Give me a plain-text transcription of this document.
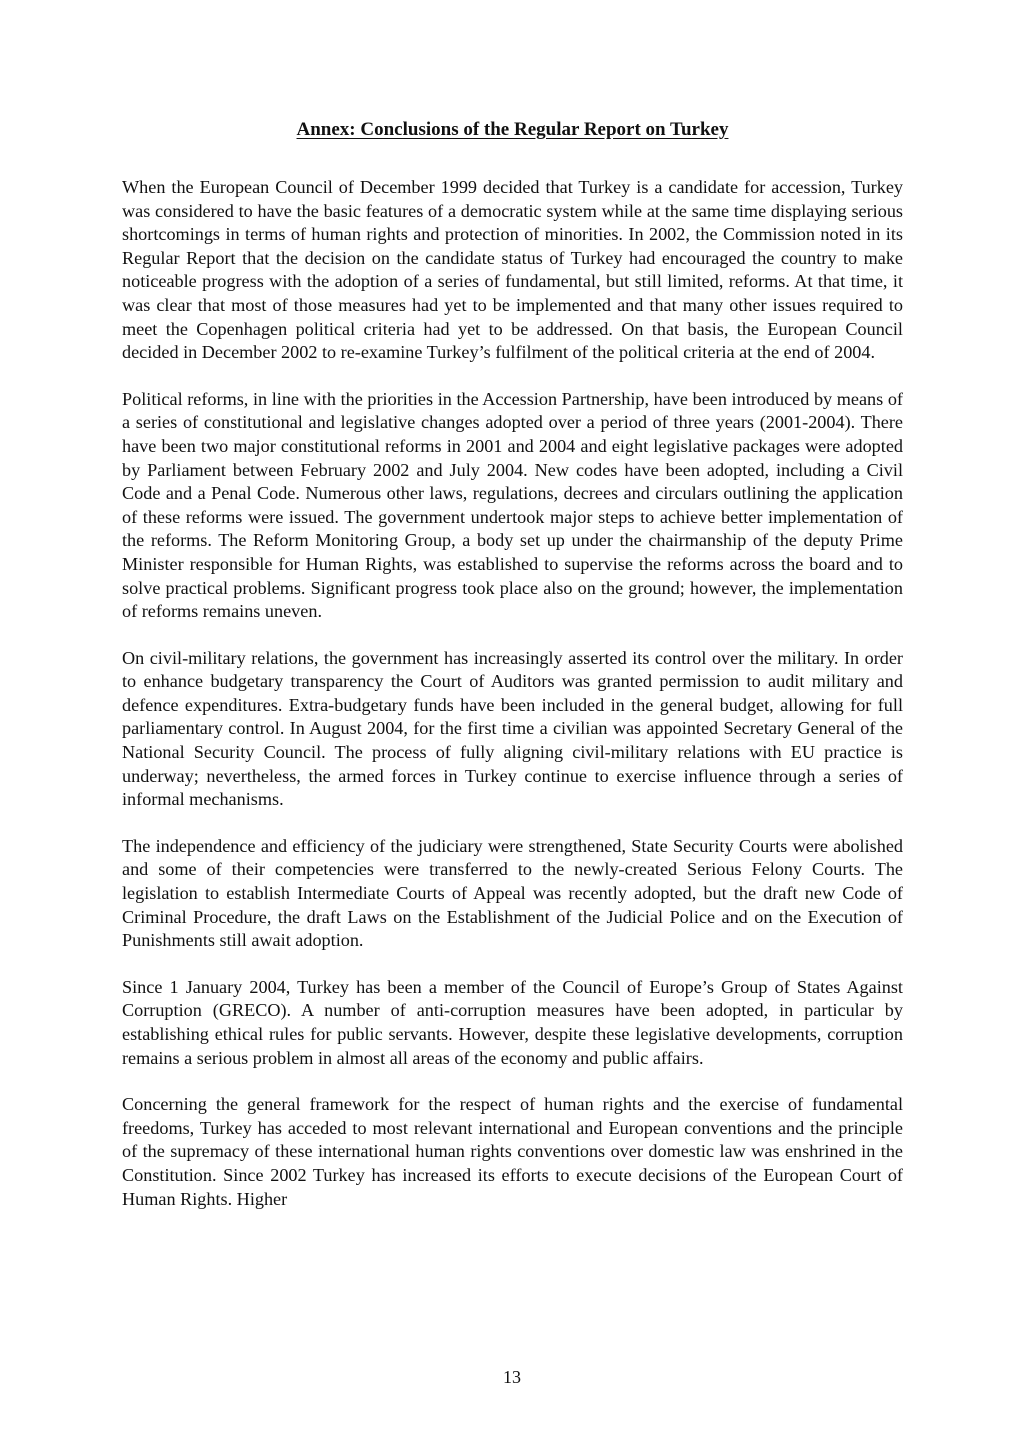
Annex: Conclusions of the Regular Report on Turkey

When the European Council of December 1999 decided that Turkey is a candidate for accession, Turkey was considered to have the basic features of a democratic system while at the same time displaying serious shortcomings in terms of human rights and protection of minorities. In 2002, the Commission noted in its Regular Report that the decision on the candidate status of Turkey had encouraged the country to make noticeable progress with the adoption of a series of fundamental, but still limited, reforms. At that time, it was clear that most of those measures had yet to be implemented and that many other issues required to meet the Copenhagen political criteria had yet to be addressed. On that basis, the European Council decided in December 2002 to re-examine Turkey’s fulfilment of the political criteria at the end of 2004.

Political reforms, in line with the priorities in the Accession Partnership, have been introduced by means of a series of constitutional and legislative changes adopted over a period of three years (2001-2004). There have been two major constitutional reforms in 2001 and 2004 and eight legislative packages were adopted by Parliament between February 2002 and July 2004. New codes have been adopted, including a Civil Code and a Penal Code. Numerous other laws, regulations, decrees and circulars outlining the application of these reforms were issued. The government undertook major steps to achieve better implementation of the reforms. The Reform Monitoring Group, a body set up under the chairmanship of the deputy Prime Minister responsible for Human Rights, was established to supervise the reforms across the board and to solve practical problems. Significant progress took place also on the ground; however, the implementation of reforms remains uneven.

On civil-military relations, the government has increasingly asserted its control over the military. In order to enhance budgetary transparency the Court of Auditors was granted permission to audit military and defence expenditures. Extra-budgetary funds have been included in the general budget, allowing for full parliamentary control. In August 2004, for the first time a civilian was appointed Secretary General of the National Security Council. The process of fully aligning civil-military relations with EU practice is underway; nevertheless, the armed forces in Turkey continue to exercise influence through a series of informal mechanisms.

The independence and efficiency of the judiciary were strengthened, State Security Courts were abolished and some of their competencies were transferred to the newly-created Serious Felony Courts. The legislation to establish Intermediate Courts of Appeal was recently adopted, but the draft new Code of Criminal Procedure, the draft Laws on the Establishment of the Judicial Police and on the Execution of Punishments still await adoption.

Since 1 January 2004, Turkey has been a member of the Council of Europe’s Group of States Against Corruption (GRECO). A number of anti-corruption measures have been adopted, in particular by establishing ethical rules for public servants. However, despite these legislative developments, corruption remains a serious problem in almost all areas of the economy and public affairs.

Concerning the general framework for the respect of human rights and the exercise of fundamental freedoms, Turkey has acceded to most relevant international and European conventions and the principle of the supremacy of these international human rights conventions over domestic law was enshrined in the Constitution. Since 2002 Turkey has increased its efforts to execute decisions of the European Court of Human Rights. Higher

13
